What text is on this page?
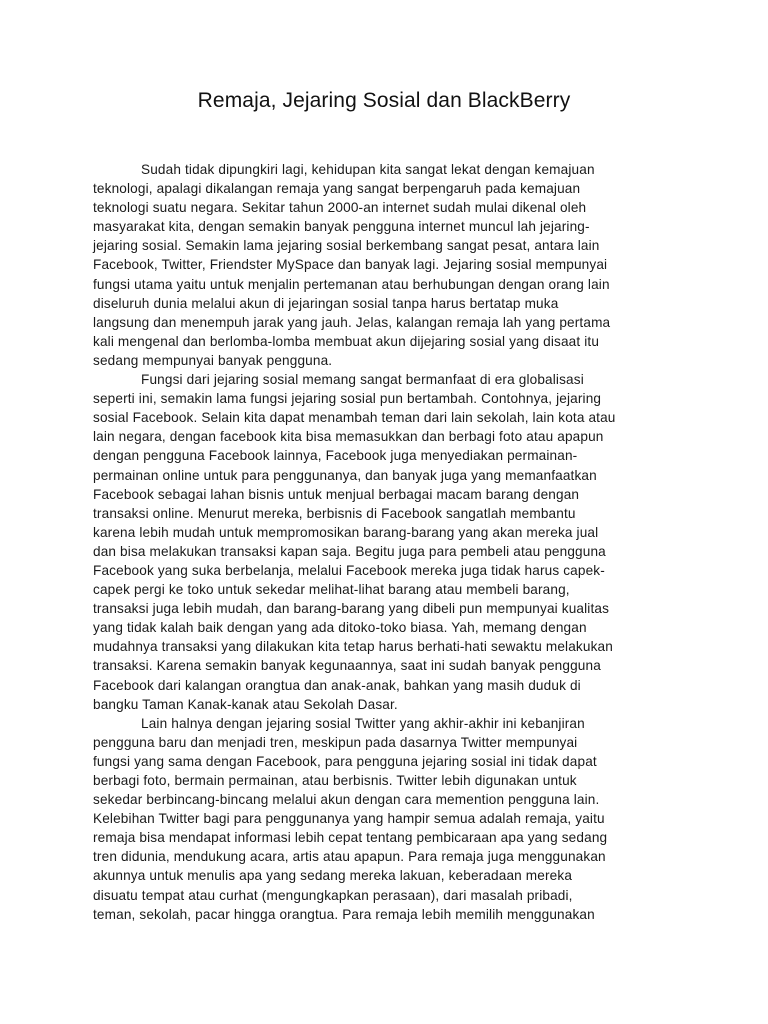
Remaja, Jejaring Sosial dan BlackBerry
Sudah tidak dipungkiri lagi, kehidupan kita sangat lekat dengan kemajuan
teknologi, apalagi dikalangan remaja yang sangat berpengaruh pada kemajuan
teknologi suatu negara. Sekitar tahun 2000-an internet sudah mulai dikenal oleh
masyarakat kita, dengan semakin banyak pengguna internet muncul lah jejaring-
jejaring sosial. Semakin lama jejaring sosial berkembang sangat pesat, antara lain
Facebook, Twitter, Friendster MySpace dan banyak lagi. Jejaring sosial mempunyai
fungsi utama yaitu untuk menjalin pertemanan atau berhubungan dengan orang lain
diseluruh dunia melalui akun di jejaringan sosial tanpa harus bertatap muka
langsung dan menempuh jarak yang jauh. Jelas, kalangan remaja lah yang pertama
kali mengenal dan berlomba-lomba membuat akun dijejaring sosial yang disaat itu
sedang mempunyai banyak pengguna.
Fungsi dari jejaring sosial memang sangat bermanfaat di era globalisasi
seperti ini, semakin lama fungsi jejaring sosial pun bertambah. Contohnya, jejaring
sosial Facebook. Selain kita dapat menambah teman dari lain sekolah, lain kota atau
lain negara, dengan facebook kita bisa memasukkan dan berbagi foto atau apapun
dengan pengguna Facebook lainnya, Facebook juga menyediakan permainan-
permainan online untuk para penggunanya, dan banyak juga yang memanfaatkan
Facebook sebagai lahan bisnis untuk menjual berbagai macam barang dengan
transaksi online. Menurut mereka, berbisnis di Facebook sangatlah membantu
karena lebih mudah untuk mempromosikan barang-barang yang akan mereka jual
dan bisa melakukan transaksi kapan saja. Begitu juga para pembeli atau pengguna
Facebook yang suka berbelanja, melalui Facebook mereka juga tidak harus capek-
capek pergi ke toko untuk sekedar melihat-lihat barang atau membeli barang,
transaksi juga lebih mudah, dan barang-barang yang dibeli pun mempunyai kualitas
yang tidak kalah baik dengan yang ada ditoko-toko biasa. Yah, memang dengan
mudahnya transaksi yang dilakukan kita tetap harus berhati-hati sewaktu melakukan
transaksi. Karena semakin banyak kegunaannya, saat ini sudah banyak pengguna
Facebook dari kalangan orangtua dan anak-anak, bahkan yang masih duduk di
bangku Taman Kanak-kanak atau Sekolah Dasar.
Lain halnya dengan jejaring sosial Twitter yang akhir-akhir ini kebanjiran
pengguna baru dan menjadi tren, meskipun pada dasarnya Twitter mempunyai
fungsi yang sama dengan Facebook, para pengguna jejaring sosial ini tidak dapat
berbagi foto, bermain permainan, atau berbisnis. Twitter lebih digunakan untuk
sekedar berbincang-bincang melalui akun dengan cara memention pengguna lain.
Kelebihan Twitter bagi para penggunanya yang hampir semua adalah remaja, yaitu
remaja bisa mendapat informasi lebih cepat tentang pembicaraan apa yang sedang
tren didunia, mendukung acara, artis atau apapun. Para remaja juga menggunakan
akunnya untuk menulis apa yang sedang mereka lakuan, keberadaan mereka
disuatu tempat atau curhat (mengungkapkan perasaan), dari masalah pribadi,
teman, sekolah, pacar hingga orangtua. Para remaja lebih memilih menggunakan
